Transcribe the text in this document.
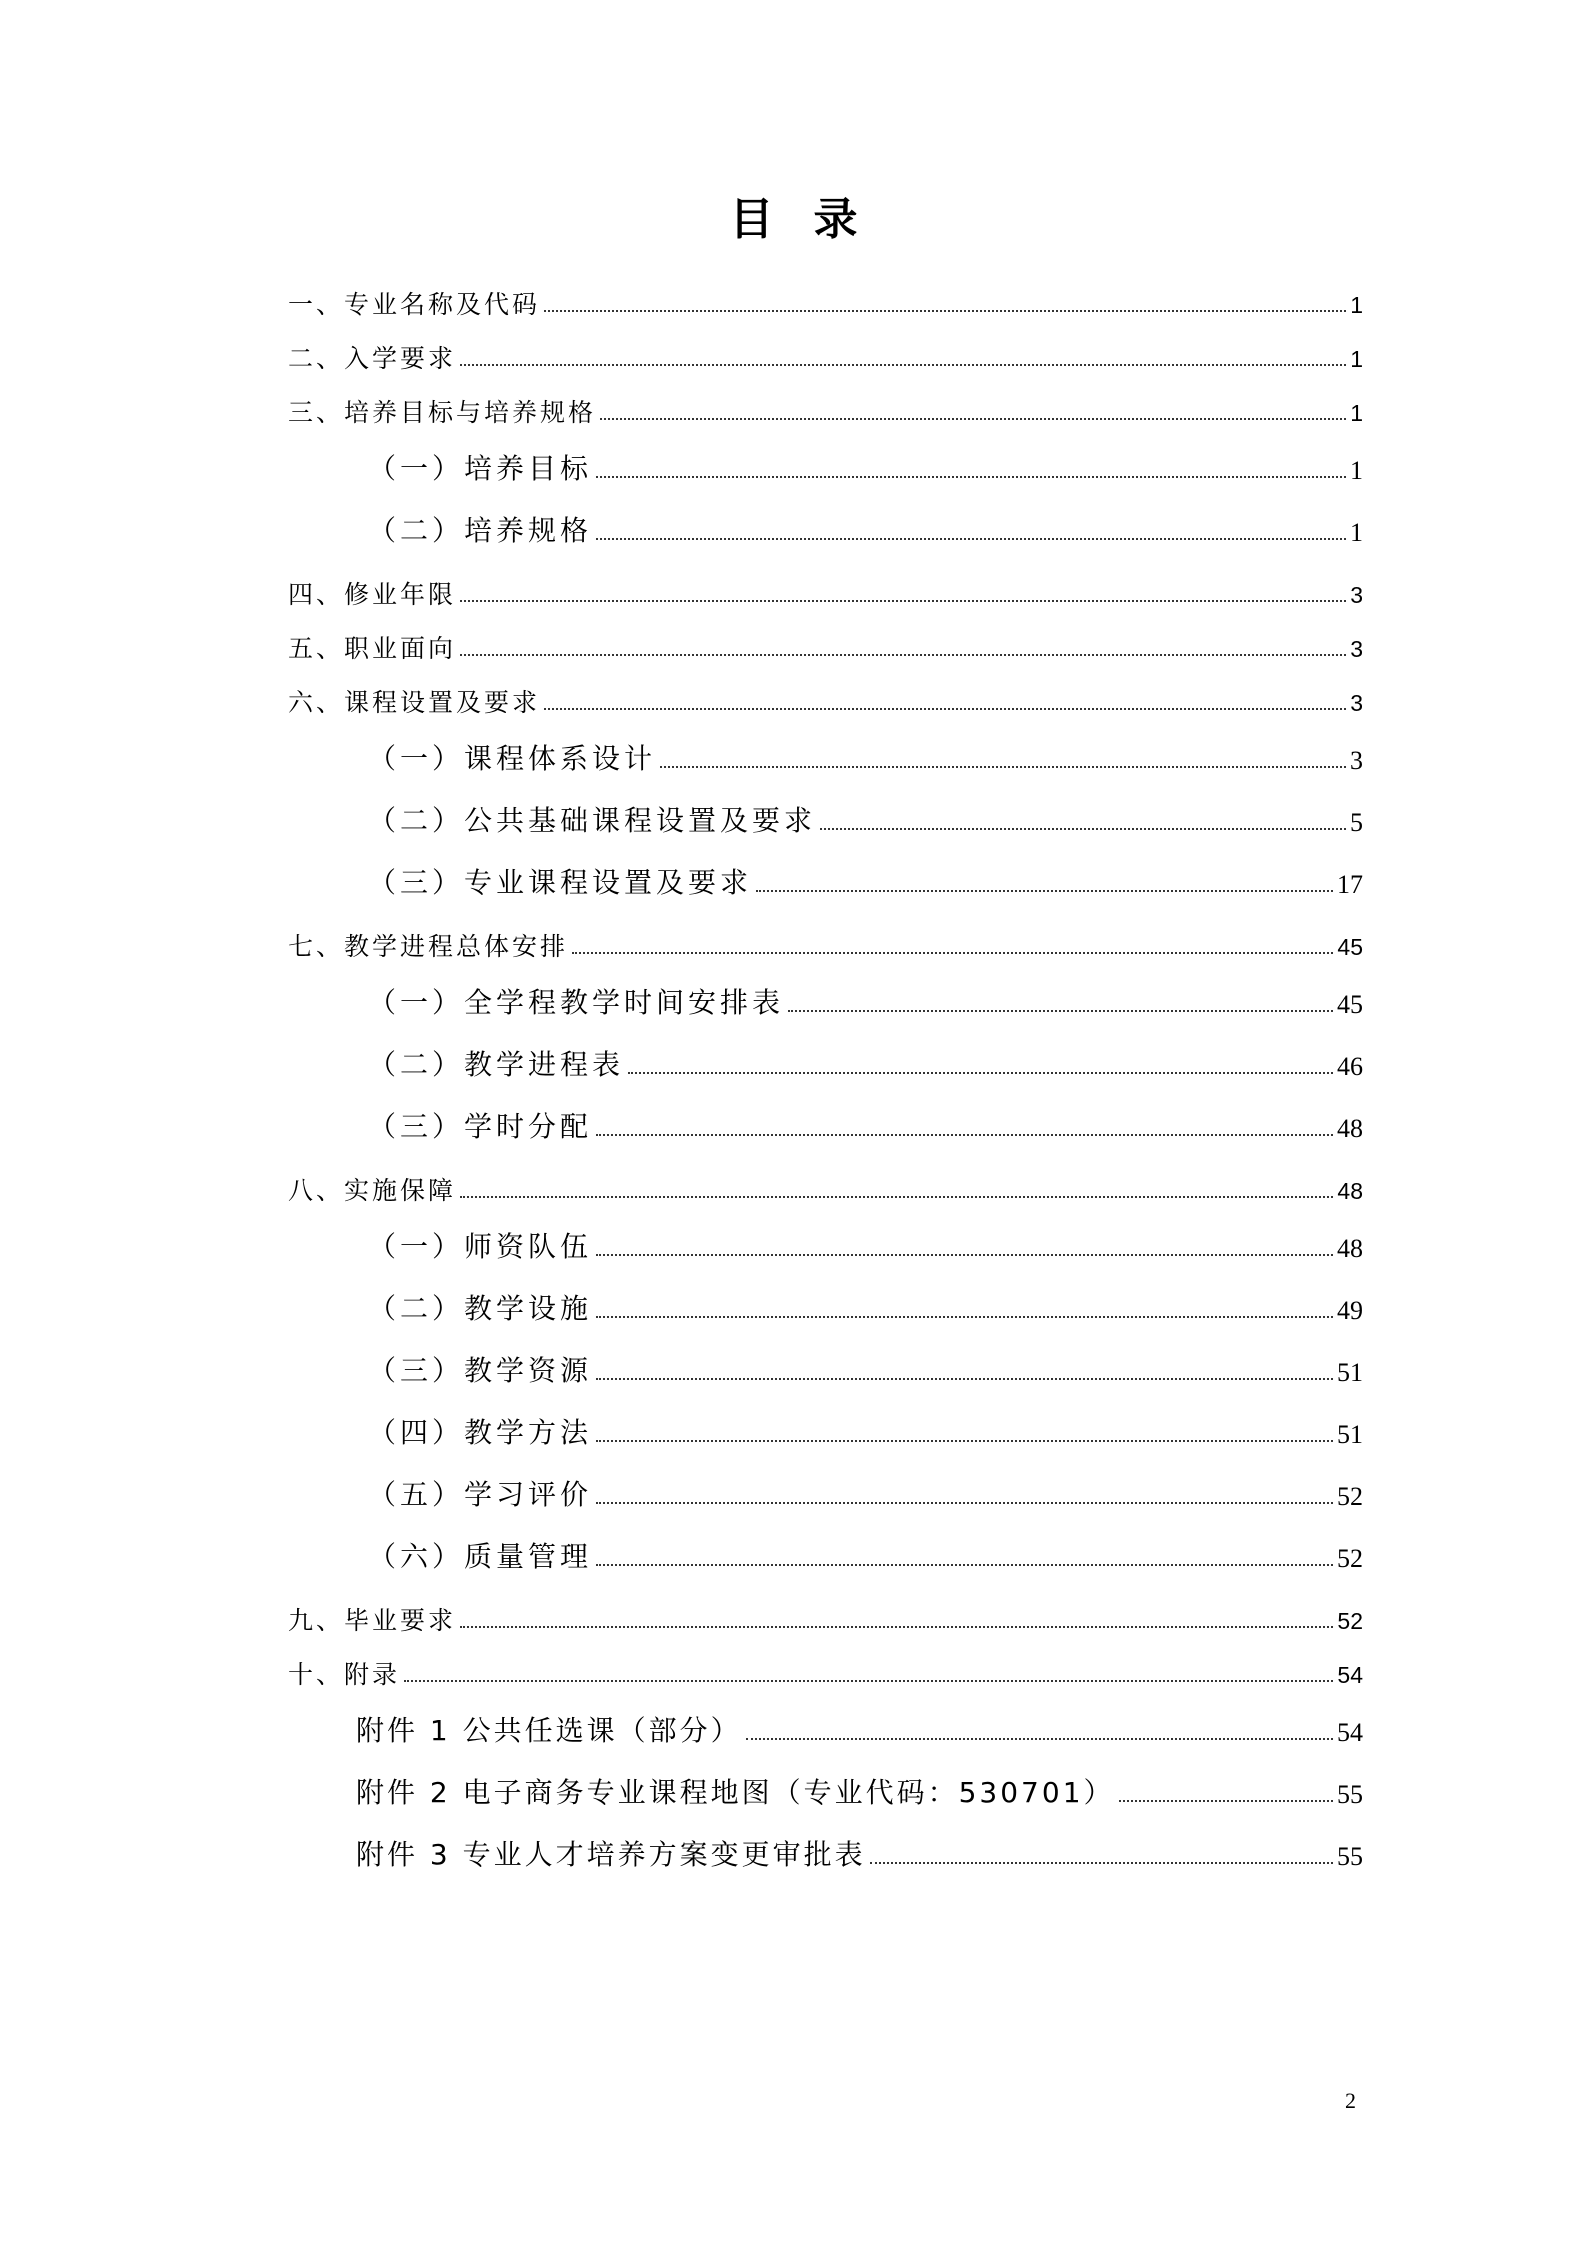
目录
一、专业名称及代码	1
二、入学要求	1
三、培养目标与培养规格	1
（一）培养目标	1
（二）培养规格	1
四、修业年限	3
五、职业面向	3
六、课程设置及要求	3
（一）课程体系设计	3
（二）公共基础课程设置及要求	5
（三）专业课程设置及要求	17
七、教学进程总体安排	45
（一）全学程教学时间安排表	45
（二）教学进程表	46
（三）学时分配	48
八、实施保障	48
（一）师资队伍	48
（二）教学设施	49
（三）教学资源	51
（四）教学方法	51
（五）学习评价	52
（六）质量管理	52
九、毕业要求	52
十、附录	54
附件 1 公共任选课（部分）	54
附件 2 电子商务专业课程地图（专业代码：530701）	55
附件 3 专业人才培养方案变更审批表	55
2
